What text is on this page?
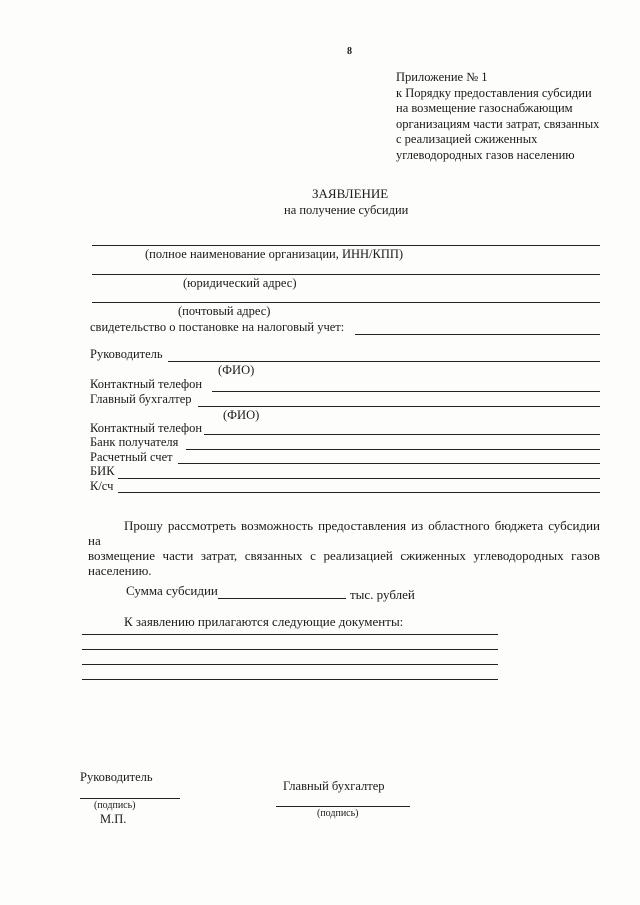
8
Приложение № 1
к Порядку предоставления субсидии
на возмещение газоснабжающим
организациям части затрат, связанных
с реализацией сжиженных
углеводородных газов населению
ЗАЯВЛЕНИЕ
на получение субсидии
(полное наименование организации, ИНН/КПП)
(юридический адрес)
(почтовый адрес)
свидетельство о постановке на налоговый учет:
Руководитель
(ФИО)
Контактный телефон
Главный бухгалтер
(ФИО)
Контактный телефон
Банк получателя
Расчетный счет
БИК
К/сч
Прошу рассмотреть возможность предоставления из областного бюджета субсидии на
возмещение части затрат, связанных с реализацией сжиженных углеводородных газов
населению.
Сумма субсидии	тыс. рублей
К заявлению прилагаются следующие документы:
Руководитель
(подпись)
М.П.
Главный бухгалтер
(подпись)
